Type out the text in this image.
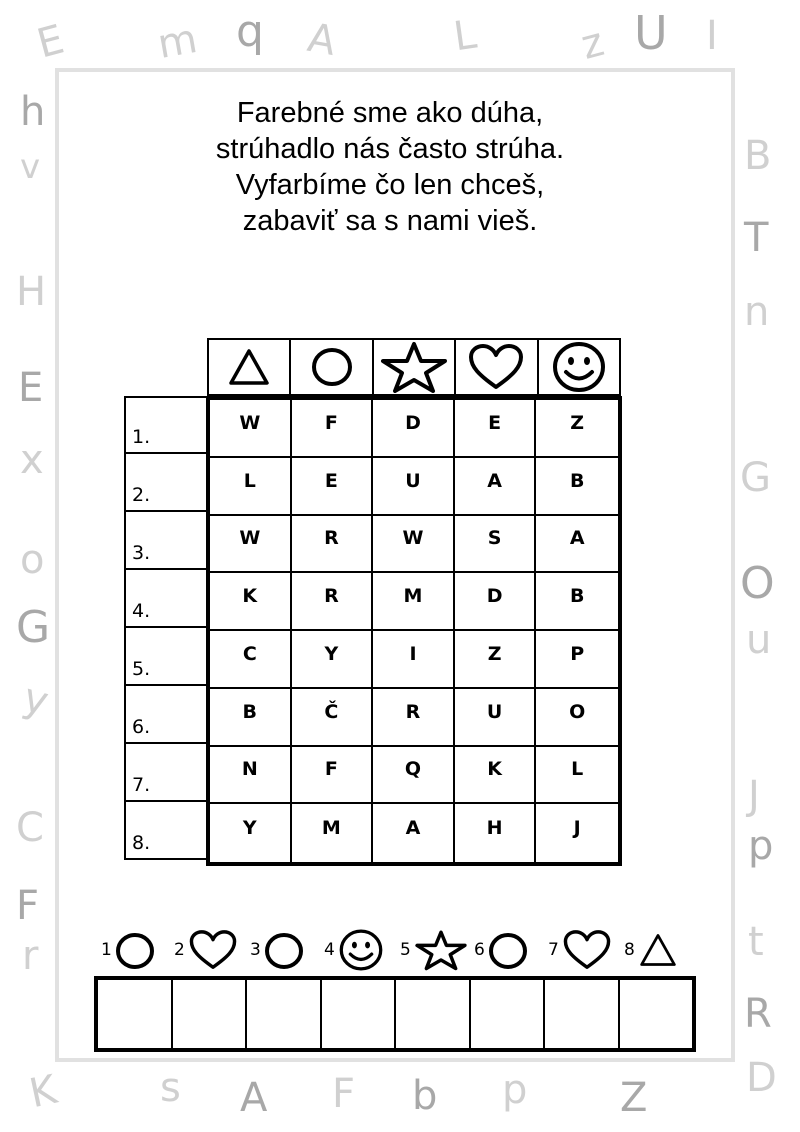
E m q A	L z U I
h
v
H
E
x
o
G
y
C
F
r
B
T
n
G
O
u
J
p
t
R
D
K s A F b p Z
Farebné sme ako dúha,
strúhadlo nás často strúha.
Vyfarbíme čo len chceš,
zabaviť sa s nami vieš.
1.
2.
3.
4.
5.
6.
7.
8.
W	F	D	E	Z
L	E	U	A	B
W	R	W	S	A
K	R	M	D	B
C	Y	I	Z	P
B	Č	R	U	O
N	F	Q	K	L
Y	M	A	H	J
1	2	3	4	5	6	7	8
